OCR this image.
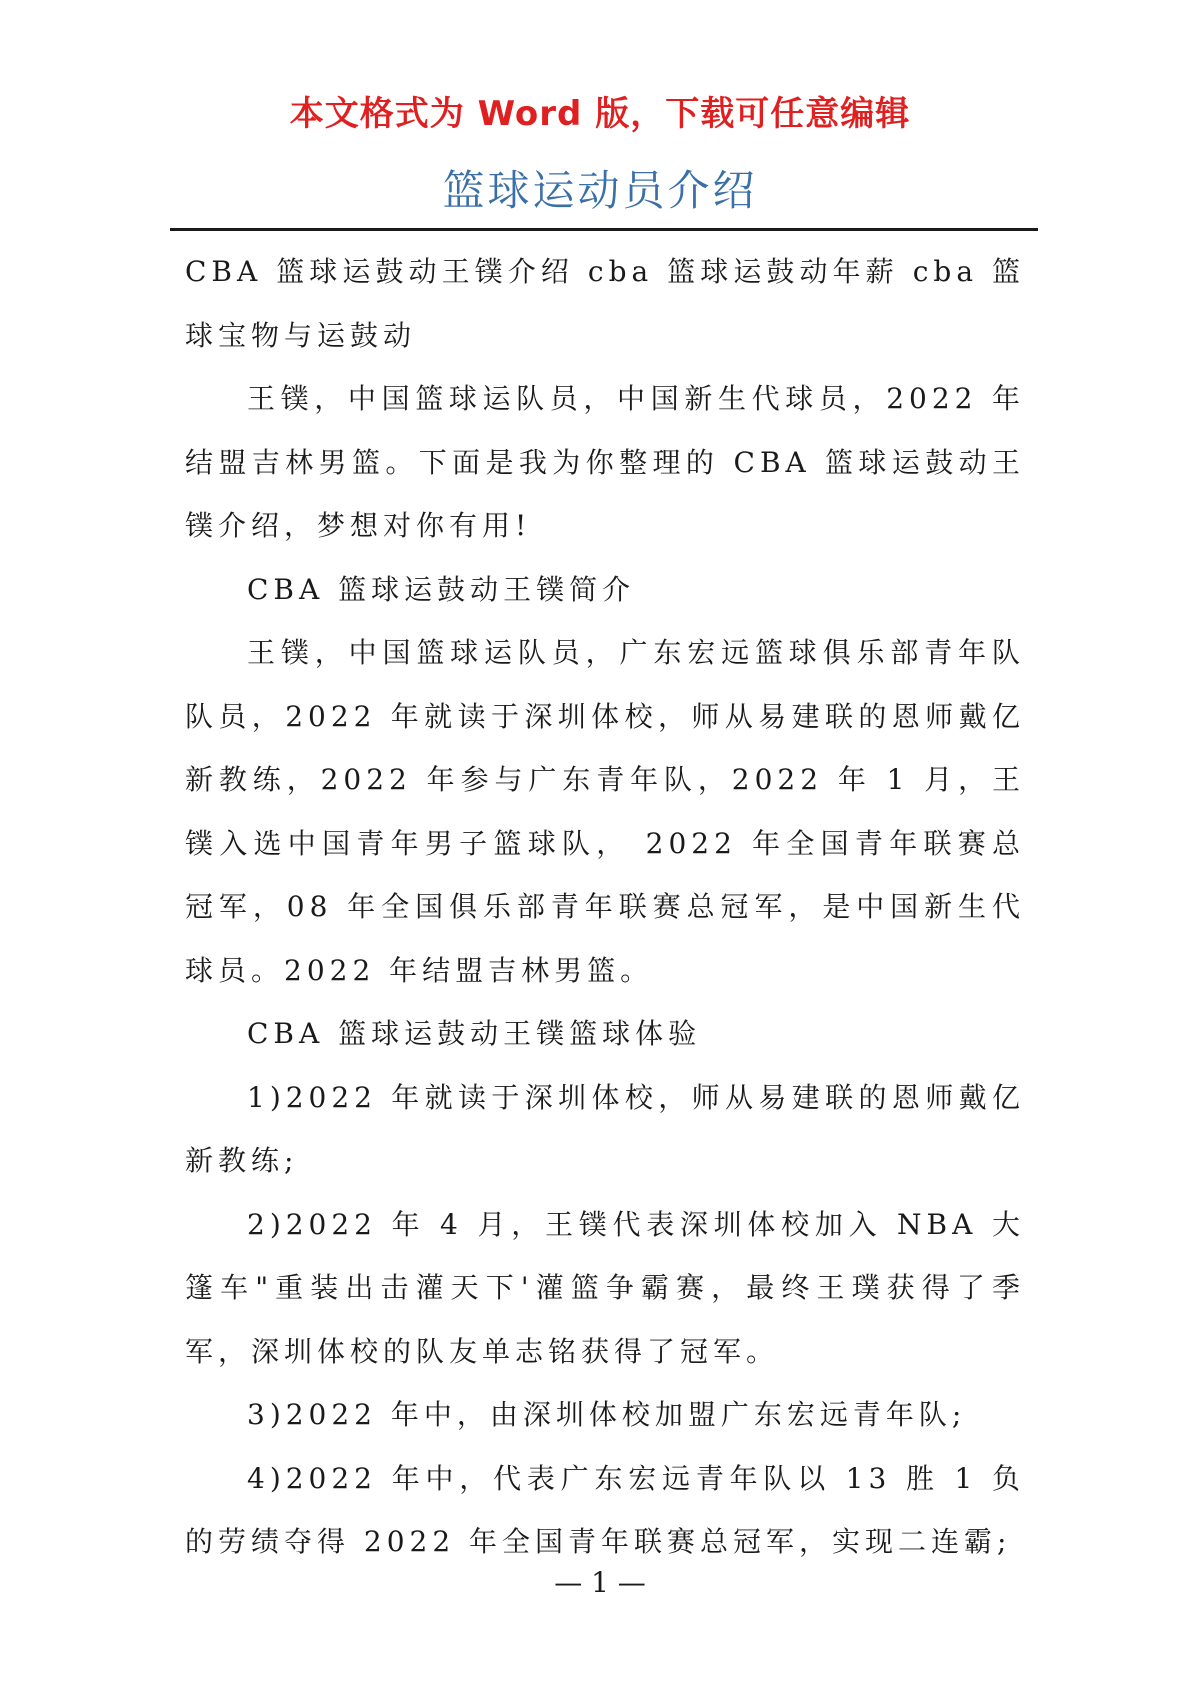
本文格式为 Word 版，下载可任意编辑
篮球运动员介绍

CBA 篮球运鼓动王镤介绍 cba 篮球运鼓动年薪 cba 篮球宝物与运鼓动

王镤，中国篮球运队员，中国新生代球员，2022 年结盟吉林男篮。下面是我为你整理的 CBA 篮球运鼓动王镤介绍，梦想对你有用!

CBA 篮球运鼓动王镤简介

王镤，中国篮球运队员，广东宏远篮球俱乐部青年队队员，2022 年就读于深圳体校，师从易建联的恩师戴亿新教练，2022 年参与广东青年队，2022 年 1 月，王镤入选中国青年男子篮球队， 2022 年全国青年联赛总冠军，08 年全国俱乐部青年联赛总冠军，是中国新生代球员。2022 年结盟吉林男篮。

CBA 篮球运鼓动王镤篮球体验

1)2022 年就读于深圳体校，师从易建联的恩师戴亿新教练;

2)2022 年 4 月，王镤代表深圳体校加入 NBA 大篷车"重装出击灌天下'灌篮争霸赛，最终王璞获得了季军，深圳体校的队友单志铭获得了冠军。

3)2022 年中，由深圳体校加盟广东宏远青年队;

4)2022 年中，代表广东宏远青年队以 13 胜 1 负的劳绩夺得 2022 年全国青年联赛总冠军，实现二连霸;

— 1 —
